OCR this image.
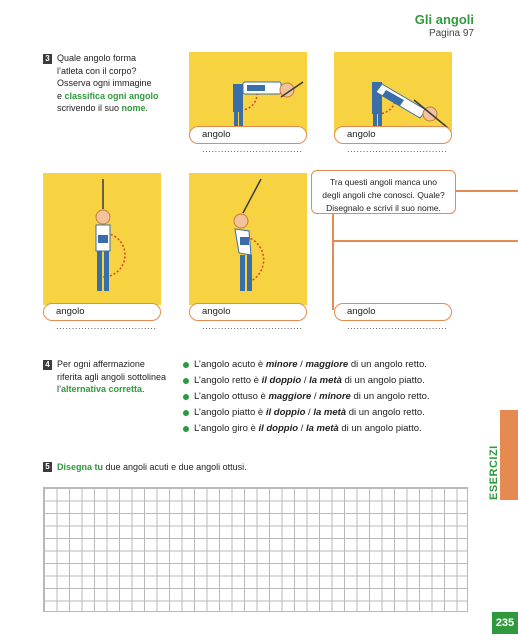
Gli angoli
Pagina 97
3 Quale angolo forma
l’atleta con il corpo?
Osserva ogni immagine
e classifica ogni angolo
scrivendo il suo nome.
angolo ................................
angolo ................................
Tra questi angoli manca uno
degli angoli che conosci. Quale?
Disegnalo e scrivi il suo nome.
angolo ................................
angolo ................................
angolo ................................
4 Per ogni affermazione
riferita agli angoli sottolinea
l’alternativa corretta.
L’angolo acuto è minore / maggiore di un angolo retto.
L’angolo retto è il doppio / la metà di un angolo piatto.
L’angolo ottuso è maggiore / minore di un angolo retto.
L’angolo piatto è il doppio / la metà di un angolo retto.
L’angolo giro è il doppio / la metà di un angolo piatto.
5 Disegna tu due angoli acuti e due angoli ottusi.	ESERCIZI
235
